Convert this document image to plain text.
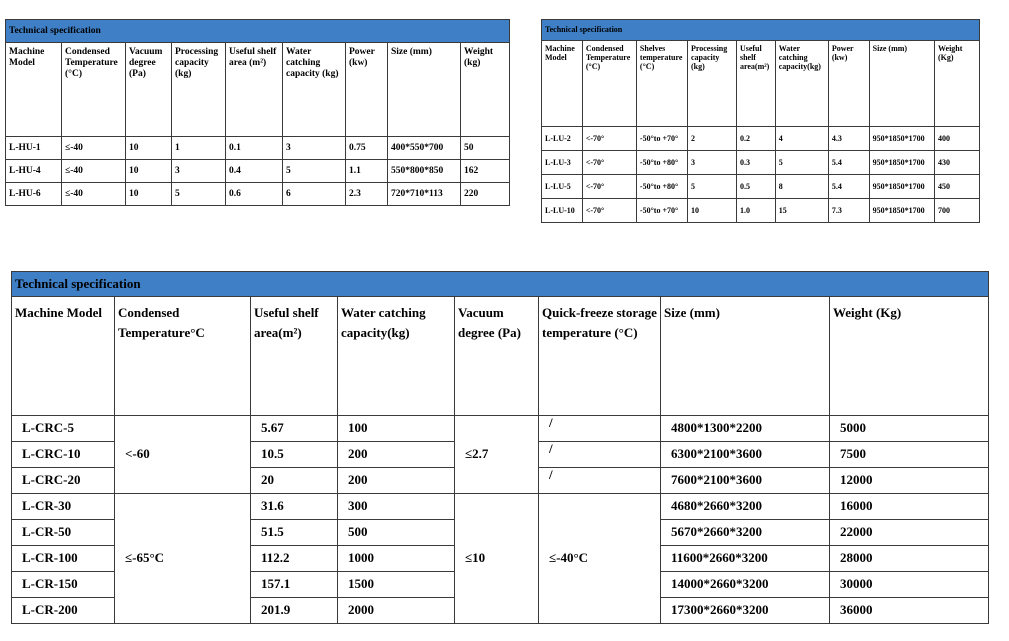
Technical specification								
Machine Model	Condensed Temperature (°C)	Vacuum degree (Pa)	Processing capacity (kg)	Useful shelf area (m²)	Water catching capacity (kg)	Power (kw)	Size (mm)	Weight (kg)
L-HU-1	≤-40	10	1	0.1	3	0.75	400*550*700	50
L-HU-4	≤-40	10	3	0.4	5	1.1	550*800*850	162
L-HU-6	≤-40	10	5	0.6	6	2.3	720*710*113	220
Technical specification								
Machine Model	Condensed Temperature (°C)	Shelves temperature (°C)	Processing capacity (kg)	Useful shelf area(m²)	Water catching capacity(kg)	Power (kw)	Size (mm)	Weight (Kg)
L-LU-2	<-70°	-50°to +70°	2	0.2	4	4.3	950*1850*1700	400
L-LU-3	<-70°	-50°to +80°	3	0.3	5	5.4	950*1850*1700	430
L-LU-5	<-70°	-50°to +80°	5	0.5	8	5.4	950*1850*1700	450
L-LU-10	<-70°	-50°to +70°	10	1.0	15	7.3	950*1850*1700	700
Technical specification							
Machine Model	Condensed Temperature°C	Useful shelf area(m²)	Water catching capacity(kg)	Vacuum degree (Pa)	Quick-freeze storage temperature (°C)	Size (mm)	Weight (Kg)
L-CRC-5	<-60	5.67	100	≤2.7	/	4800*1300*2200	5000
L-CRC-10		10.5	200		/	6300*2100*3600	7500
L-CRC-20		20	200		/	7600*2100*3600	12000
L-CR-30	≤-65°C	31.6	300	≤10	≤-40°C	4680*2660*3200	16000
L-CR-50		51.5	500			5670*2660*3200	22000
L-CR-100		112.2	1000			11600*2660*3200	28000
L-CR-150		157.1	1500			14000*2660*3200	30000
L-CR-200		201.9	2000			17300*2660*3200	36000
